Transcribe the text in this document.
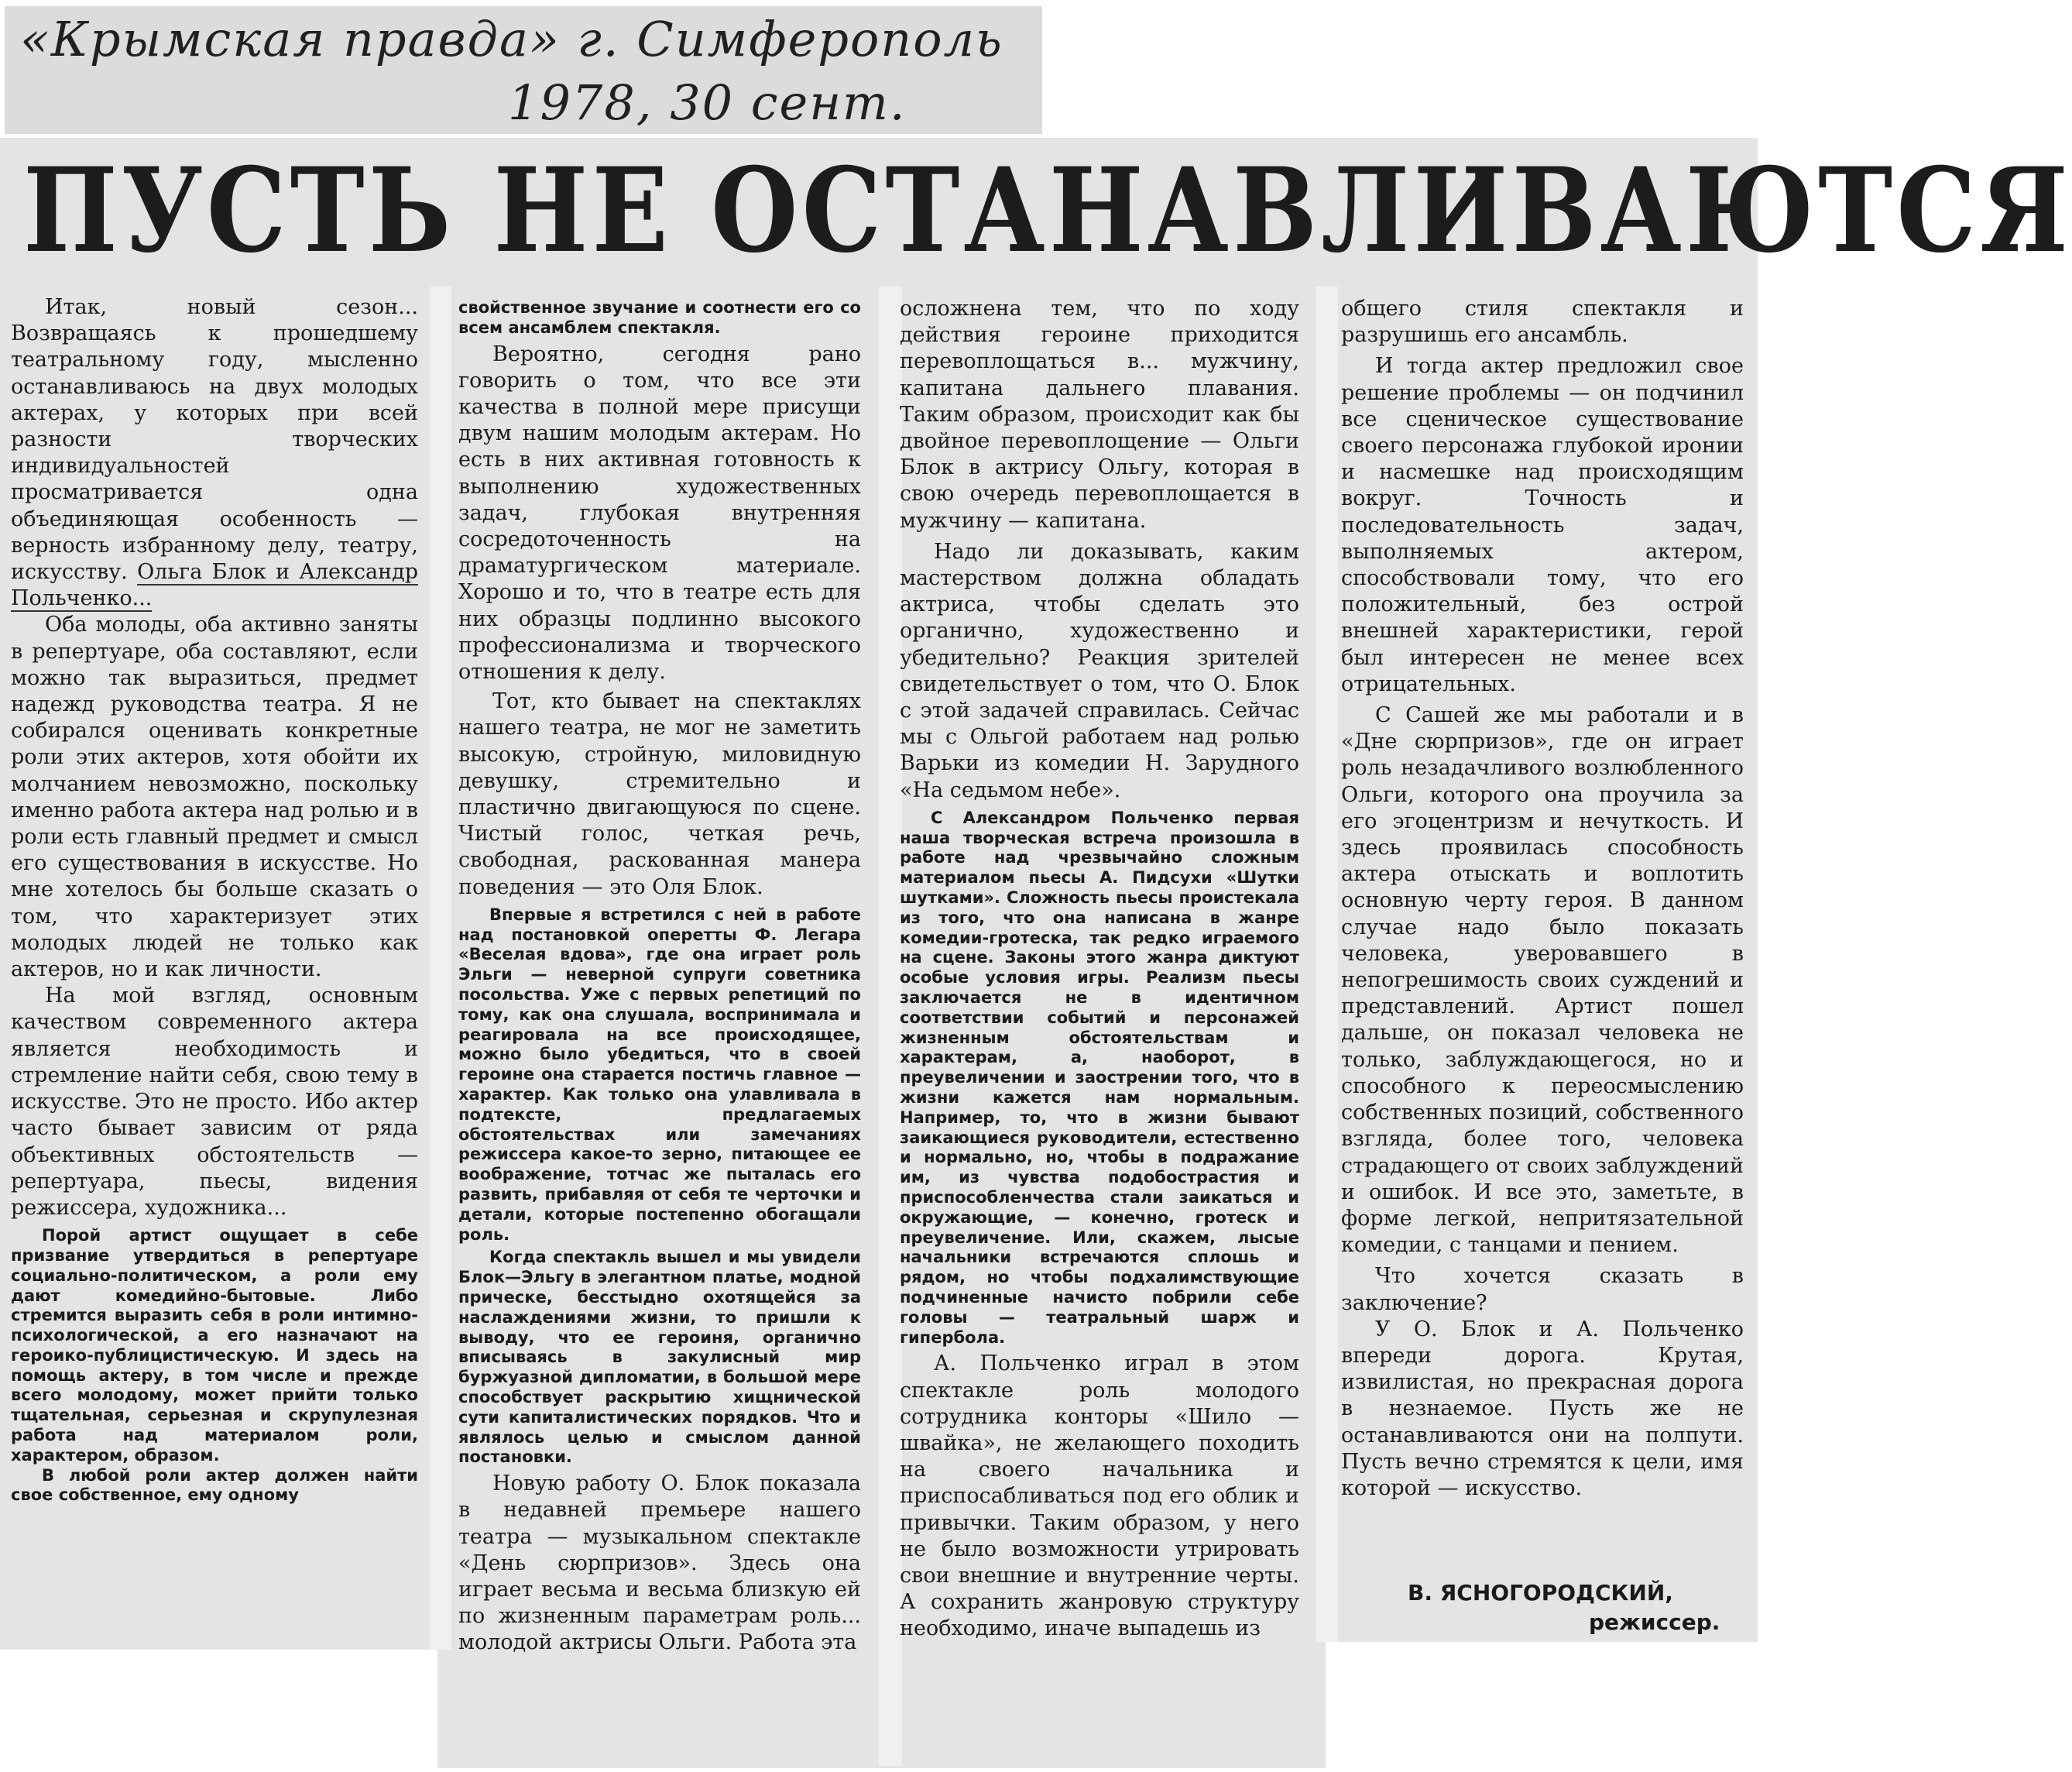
«Крымская правда» г. Симферополь
1978, 30 сент.
ПУСТЬ НЕ ОСТАНАВЛИВАЮТСЯ

Итак, новый сезон... Возвращаясь к прошедшему театральному году, мысленно останавливаюсь на двух молодых актерах, у которых при всей разности творческих индивидуальностей просматривается одна объединяющая особенность — верность избранному делу, театру, искусству. Ольга Блок и Александр Польченко...

Оба молоды, оба активно заняты в репертуаре, оба составляют, если можно так выразиться, предмет надежд руководства театра. Я не собирался оценивать конкретные роли этих актеров, хотя обойти их молчанием невозможно, поскольку именно работа актера над ролью и в роли есть главный предмет и смысл его существования в искусстве. Но мне хотелось бы больше сказать о том, что характеризует этих молодых людей не только как актеров, но и как личности.

На мой взгляд, основным качеством современного актера является необходимость и стремление найти себя, свою тему в искусстве. Это не просто. Ибо актер часто бывает зависим от ряда объективных обстоятельств — репертуара, пьесы, видения режиссера, художника...

Порой артист ощущает в себе призвание утвердиться в репертуаре социально-политическом, а роли ему дают комедийно-бытовые. Либо стремится выразить себя в роли интимно-психологической, а его назначают на героико-публицистическую. И здесь на помощь актеру, в том числе и прежде всего молодому, может прийти только тщательная, серьезная и скрупулезная работа над материалом роли, характером, образом.

В любой роли актер должен найти свое собственное, ему одному

свойственное звучание и соотнести его со всем ансамблем спектакля.

Вероятно, сегодня рано говорить о том, что все эти качества в полной мере присущи двум нашим молодым актерам. Но есть в них активная готовность к выполнению художественных задач, глубокая внутренняя сосредоточенность на драматургическом материале. Хорошо и то, что в театре есть для них образцы подлинно высокого профессионализма и творческого отношения к делу.

Тот, кто бывает на спектаклях нашего театра, не мог не заметить высокую, стройную, миловидную девушку, стремительно и пластично двигающуюся по сцене. Чистый голос, четкая речь, свободная, раскованная манера поведения — это Оля Блок.

Впервые я встретился с ней в работе над постановкой оперетты Ф. Легара «Веселая вдова», где она играет роль Эльги — неверной супруги советника посольства. Уже с первых репетиций по тому, как она слушала, воспринимала и реагировала на все происходящее, можно было убедиться, что в своей героине она старается постичь главное — характер. Как только она улавливала в подтексте, предлагаемых обстоятельствах или замечаниях режиссера какое-то зерно, питающее ее воображение, тотчас же пыталась его развить, прибавляя от себя те черточки и детали, которые постепенно обогащали роль.

Когда спектакль вышел и мы увидели Блок—Эльгу в элегантном платье, модной прическе, бесстыдно охотящейся за наслаждениями жизни, то пришли к выводу, что ее героиня, органично вписываясь в закулисный мир буржуазной дипломатии, в большой мере способствует раскрытию хищнической сути капиталистических порядков. Что и являлось целью и смыслом данной постановки.

Новую работу О. Блок показала в недавней премьере нашего театра — музыкальном спектакле «День сюрпризов». Здесь она играет весьма и весьма близкую ей по жизненным параметрам роль... молодой актрисы Ольги. Работа эта

осложнена тем, что по ходу действия героине приходится перевоплощаться в... мужчину, капитана дальнего плавания. Таким образом, происходит как бы двойное перевоплощение — Ольги Блок в актрису Ольгу, которая в свою очередь перевоплощается в мужчину — капитана.

Надо ли доказывать, каким мастерством должна обладать актриса, чтобы сделать это органично, художественно и убедительно? Реакция зрителей свидетельствует о том, что О. Блок с этой задачей справилась. Сейчас мы с Ольгой работаем над ролью Варьки из комедии Н. Зарудного «На седьмом небе».

С Александром Польченко первая наша творческая встреча произошла в работе над чрезвычайно сложным материалом пьесы А. Пидсухи «Шутки шутками». Сложность пьесы проистекала из того, что она написана в жанре комедии-гротеска, так редко играемого на сцене. Законы этого жанра диктуют особые условия игры. Реализм пьесы заключается не в идентичном соответствии событий и персонажей жизненным обстоятельствам и характерам, а, наоборот, в преувеличении и заострении того, что в жизни кажется нам нормальным. Например, то, что в жизни бывают заикающиеся руководители, естественно и нормально, но, чтобы в подражание им, из чувства подобострастия и приспособленчества стали заикаться и окружающие, — конечно, гротеск и преувеличение. Или, скажем, лысые начальники встречаются сплошь и рядом, но чтобы подхалимствующие подчиненные начисто побрили себе головы — театральный шарж и гипербола.

А. Польченко играл в этом спектакле роль молодого сотрудника конторы «Шило — швайка», не желающего походить на своего начальника и приспосабливаться под его облик и привычки. Таким образом, у него не было возможности утрировать свои внешние и внутренние черты. А сохранить жанровую структуру необходимо, иначе выпадешь из

общего стиля спектакля и разрушишь его ансамбль.

И тогда актер предложил свое решение проблемы — он подчинил все сценическое существование своего персонажа глубокой иронии и насмешке над происходящим вокруг. Точность и последовательность задач, выполняемых актером, способствовали тому, что его положительный, без острой внешней характеристики, герой был интересен не менее всех отрицательных.

С Сашей же мы работали и в «Дне сюрпризов», где он играет роль незадачливого возлюбленного Ольги, которого она проучила за его эгоцентризм и нечуткость. И здесь проявилась способность актера отыскать и воплотить основную черту героя. В данном случае надо было показать человека, уверовавшего в непогрешимость своих суждений и представлений. Артист пошел дальше, он показал человека не только, заблуждающегося, но и способного к переосмыслению собственных позиций, собственного взгляда, более того, человека страдающего от своих заблуждений и ошибок. И все это, заметьте, в форме легкой, непритязательной комедии, с танцами и пением.

Что хочется сказать в заключение?

У О. Блок и А. Польченко впереди дорога. Крутая, извилистая, но прекрасная дорога в незнаемое. Пусть же не останавливаются они на полпути. Пусть вечно стремятся к цели, имя которой — искусство.

В. ЯСНОГОРОДСКИЙ,
режиссер.
